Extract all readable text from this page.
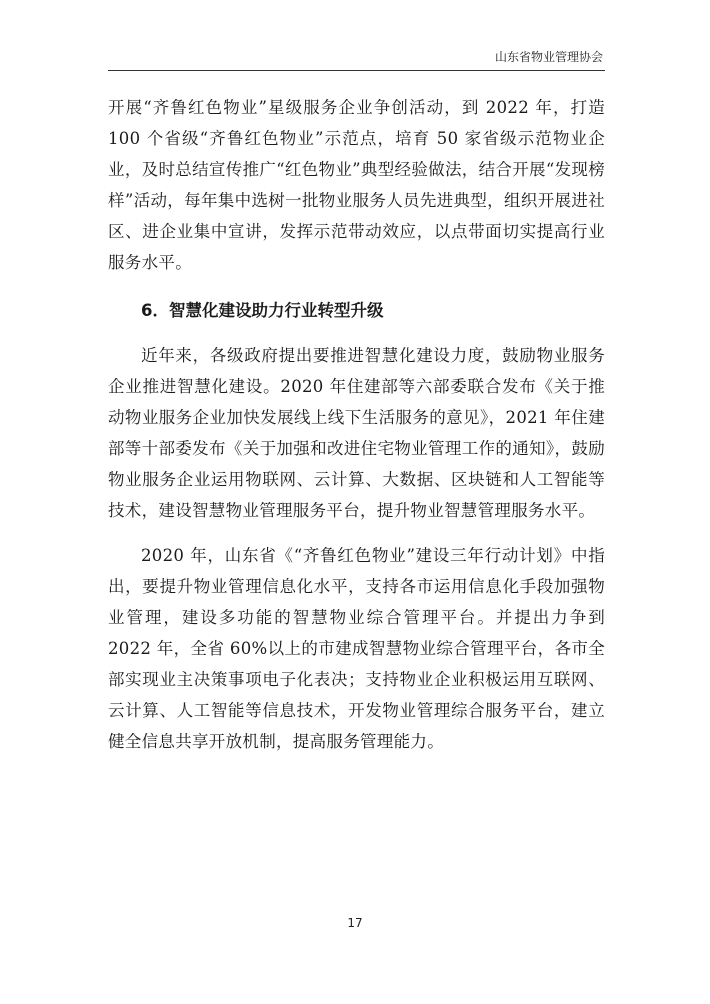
山东省物业管理协会

开展“齐鲁红色物业”星级服务企业争创活动，到 2022 年，打造 100 个省级“齐鲁红色物业”示范点，培育 50 家省级示范物业企业，及时总结宣传推广“红色物业”典型经验做法，结合开展“发现榜样”活动，每年集中选树一批物业服务人员先进典型，组织开展进社区、进企业集中宣讲，发挥示范带动效应，以点带面切实提高行业服务水平。

6．智慧化建设助力行业转型升级

近年来，各级政府提出要推进智慧化建设力度，鼓励物业服务企业推进智慧化建设。2020 年住建部等六部委联合发布《关于推动物业服务企业加快发展线上线下生活服务的意见》，2021 年住建部等十部委发布《关于加强和改进住宅物业管理工作的通知》，鼓励物业服务企业运用物联网、云计算、大数据、区块链和人工智能等技术，建设智慧物业管理服务平台，提升物业智慧管理服务水平。

2020 年，山东省《“齐鲁红色物业”建设三年行动计划》中指出，要提升物业管理信息化水平，支持各市运用信息化手段加强物业管理，建设多功能的智慧物业综合管理平台。并提出力争到 2022 年，全省 60%以上的市建成智慧物业综合管理平台，各市全部实现业主决策事项电子化表决；支持物业企业积极运用互联网、云计算、人工智能等信息技术，开发物业管理综合服务平台，建立健全信息共享开放机制，提高服务管理能力。

17
